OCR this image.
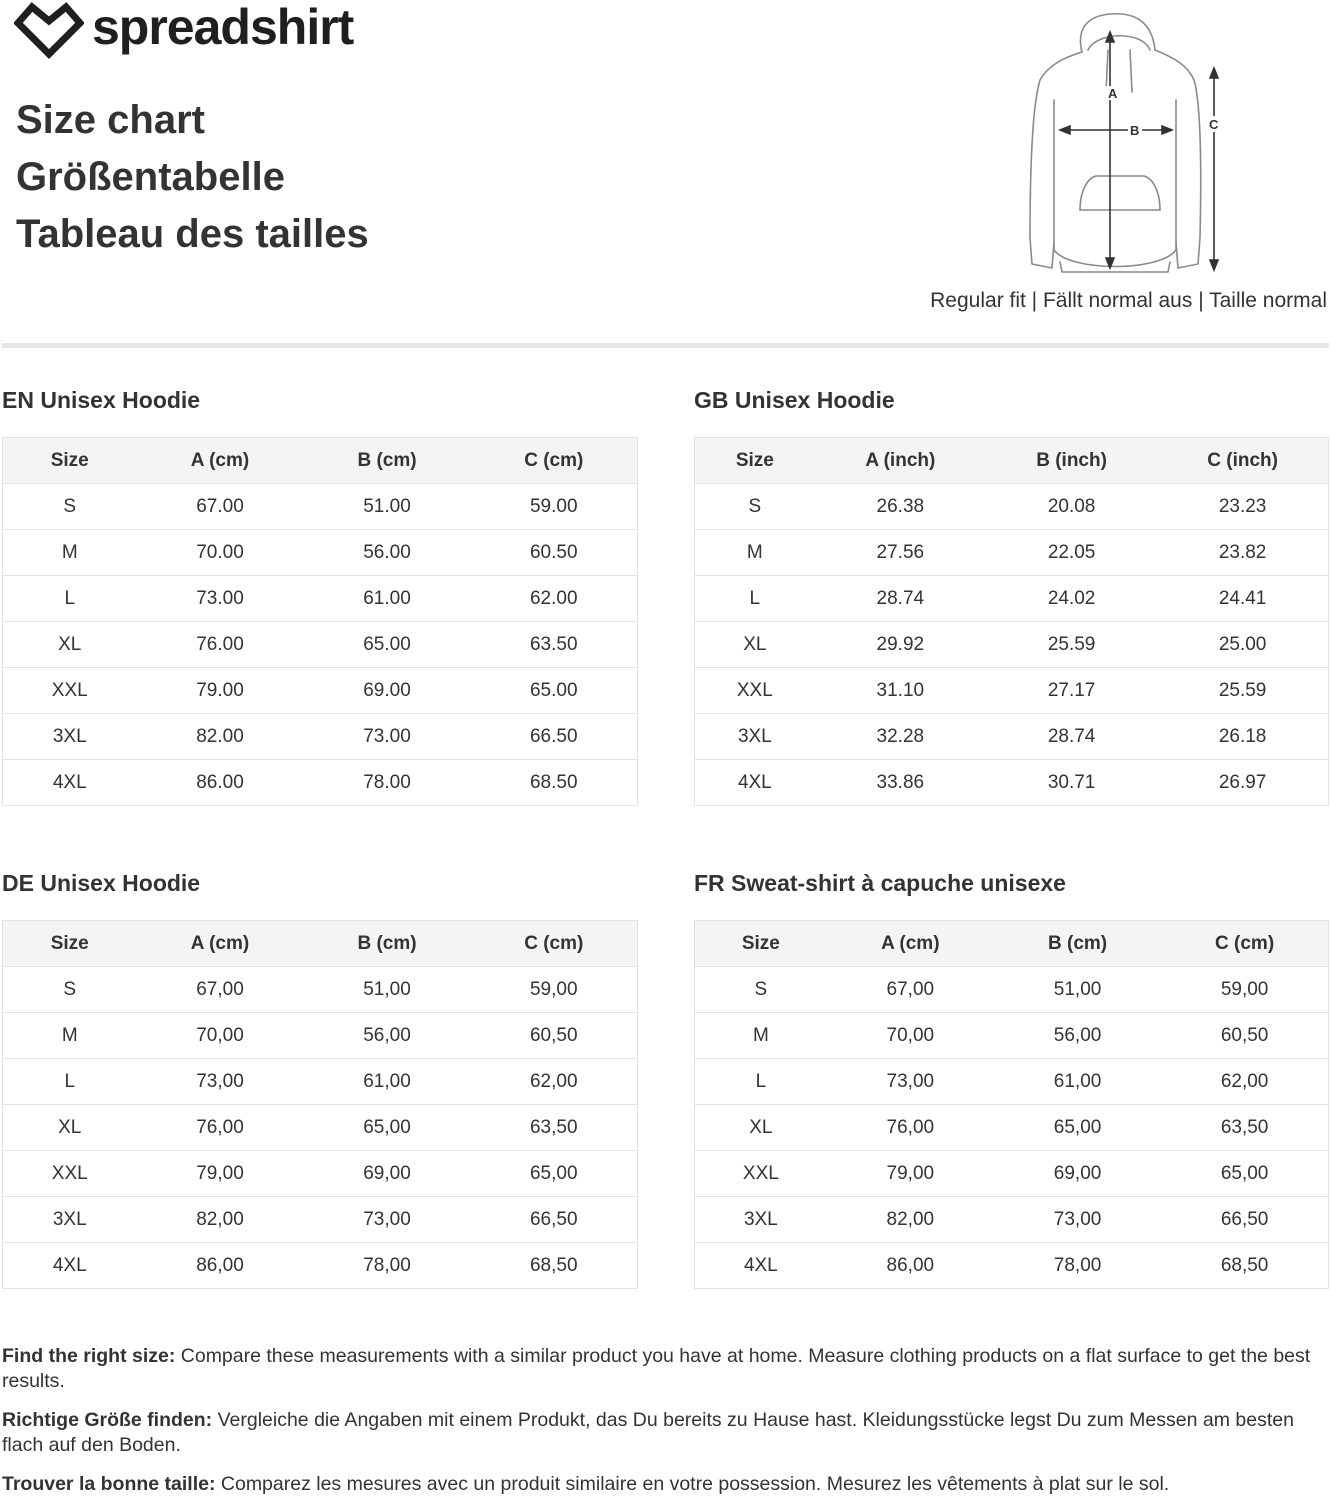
spreadshirt
Size chart
Größentabelle
Tableau des tailles
A
B	C
Regular fit | Fällt normal aus | Taille normal
EN Unisex Hoodie	GB Unisex Hoodie
DE Unisex Hoodie	FR Sweat-shirt à capuche unisexe
Size	A (cm)	B (cm)	C (cm)
S	67.00	51.00	59.00
M	70.00	56.00	60.50
L	73.00	61.00	62.00
XL	76.00	65.00	63.50
XXL	79.00	69.00	65.00
3XL	82.00	73.00	66.50
4XL	86.00	78.00	68.50
Size	A (inch)	B (inch)	C (inch)
S	26.38	20.08	23.23
M	27.56	22.05	23.82
L	28.74	24.02	24.41
XL	29.92	25.59	25.00
XXL	31.10	27.17	25.59
3XL	32.28	28.74	26.18
4XL	33.86	30.71	26.97
Size	A (cm)	B (cm)	C (cm)
S	67,00	51,00	59,00
M	70,00	56,00	60,50
L	73,00	61,00	62,00
XL	76,00	65,00	63,50
XXL	79,00	69,00	65,00
3XL	82,00	73,00	66,50
4XL	86,00	78,00	68,50
Size	A (cm)	B (cm)	C (cm)
S	67,00	51,00	59,00
M	70,00	56,00	60,50
L	73,00	61,00	62,00
XL	76,00	65,00	63,50
XXL	79,00	69,00	65,00
3XL	82,00	73,00	66,50
4XL	86,00	78,00	68,50

Find the right size: Compare these measurements with a similar product you have at home. Measure clothing products on a flat surface to get the best results.

Richtige Größe finden: Vergleiche die Angaben mit einem Produkt, das Du bereits zu Hause hast. Kleidungsstücke legst Du zum Messen am besten flach auf den Boden.

Trouver la bonne taille: Comparez les mesures avec un produit similaire en votre possession. Mesurez les vêtements à plat sur le sol.
